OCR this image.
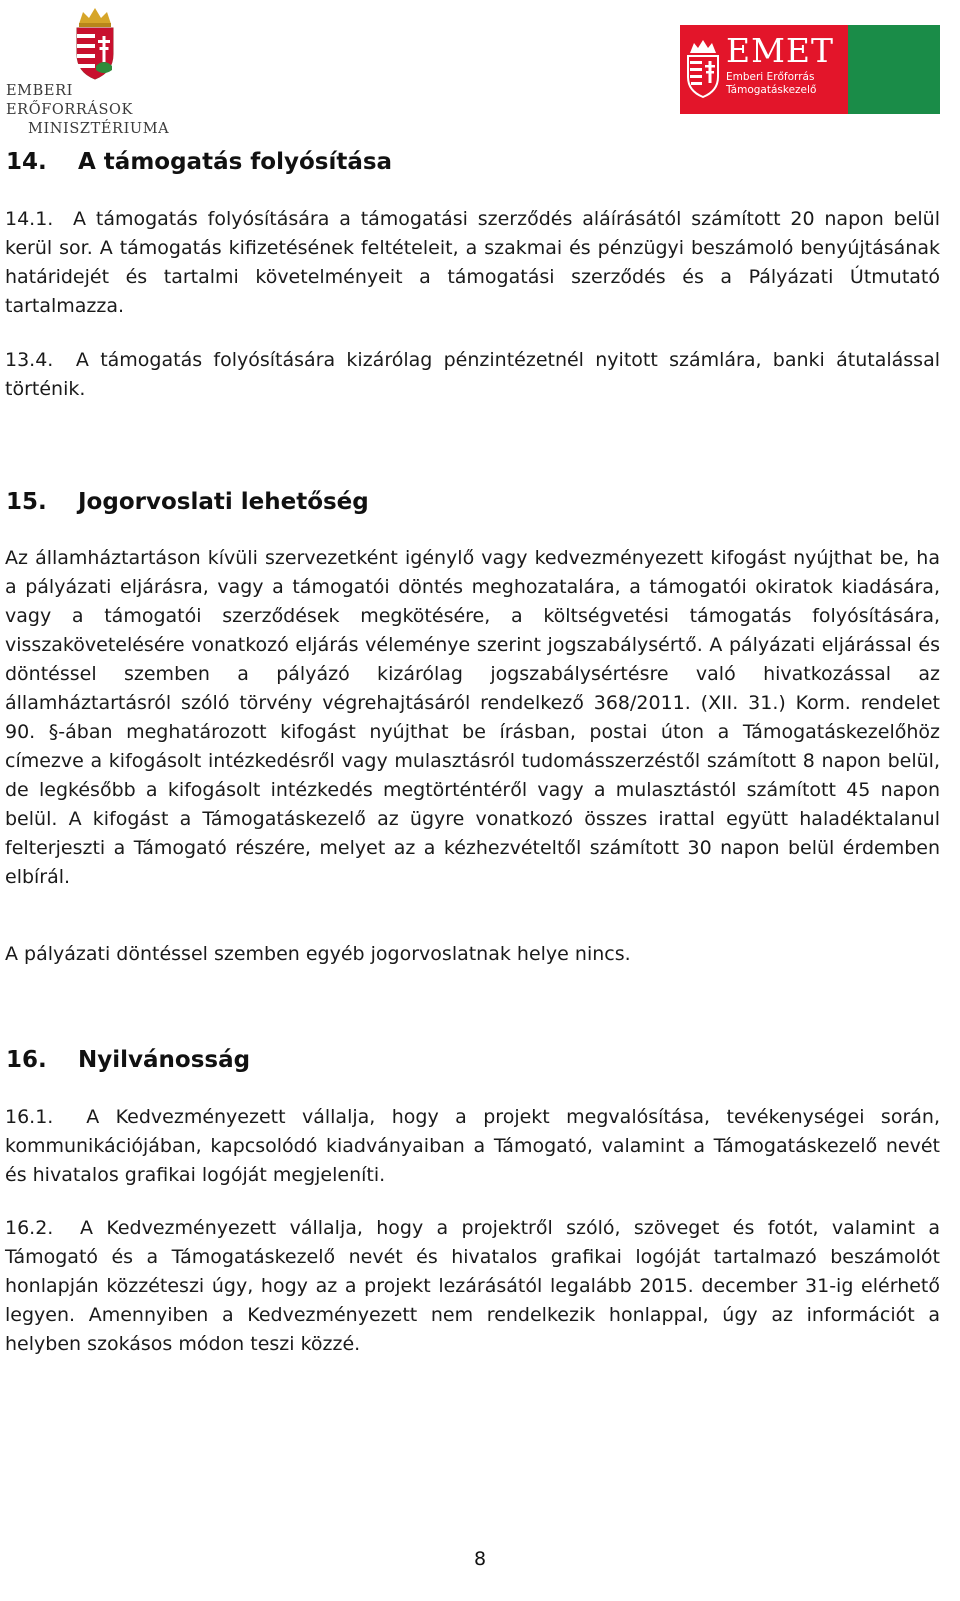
EMBERI ERŐFORRÁSOK
MINISZTÉRIUMA
EMET
Emberi Erőforrás
Támogatáskezelő
14. A támogatás folyósítása
14.1.  A támogatás folyósítására a támogatási szerződés aláírásától számított 20 napon belül kerül sor. A támogatás kifizetésének feltételeit, a szakmai és pénzügyi beszámoló benyújtásának határidejét és tartalmi követelményeit a támogatási szerződés és a Pályázati Útmutató tartalmazza.
13.4.  A támogatás folyósítására kizárólag pénzintézetnél nyitott számlára, banki átutalással történik.
15. Jogorvoslati lehetőség
Az államháztartáson kívüli szervezetként igénylő vagy kedvezményezett kifogást nyújthat be, ha a pályázati eljárásra, vagy a támogatói döntés meghozatalára, a támogatói okiratok kiadására, vagy a támogatói szerződések megkötésére, a költségvetési támogatás folyósítására, visszakövetelésére vonatkozó eljárás véleménye szerint jogszabálysértő. A pályázati eljárással és döntéssel szemben a pályázó kizárólag jogszabálysértésre való hivatkozással az államháztartásról szóló törvény végrehajtásáról rendelkező 368/2011. (XII. 31.) Korm. rendelet 90. §-ában meghatározott kifogást nyújthat be írásban, postai úton a Támogatáskezelőhöz címezve a kifogásolt intézkedésről vagy mulasztásról tudomásszerzéstől számított 8 napon belül, de legkésőbb a kifogásolt intézkedés megtörténtéről vagy a mulasztástól számított 45 napon belül. A kifogást a Támogatáskezelő az ügyre vonatkozó összes irattal együtt haladéktalanul felterjeszti a Támogató részére, melyet az a kézhezvételtől számított 30 napon belül érdemben elbírál.
A pályázati döntéssel szemben egyéb jogorvoslatnak helye nincs.
16. Nyilvánosság
16.1.  A Kedvezményezett vállalja, hogy a projekt megvalósítása, tevékenységei során, kommunikációjában, kapcsolódó kiadványaiban a Támogató, valamint a Támogatáskezelő nevét és hivatalos grafikai logóját megjeleníti.
16.2.  A Kedvezményezett vállalja, hogy a projektről szóló, szöveget és fotót, valamint a Támogató és a Támogatáskezelő nevét és hivatalos grafikai logóját tartalmazó beszámolót honlapján közzéteszi úgy, hogy az a projekt lezárásától legalább 2015. december 31-ig elérhető legyen. Amennyiben a Kedvezményezett nem rendelkezik honlappal, úgy az információt a helyben szokásos módon teszi közzé.
8
